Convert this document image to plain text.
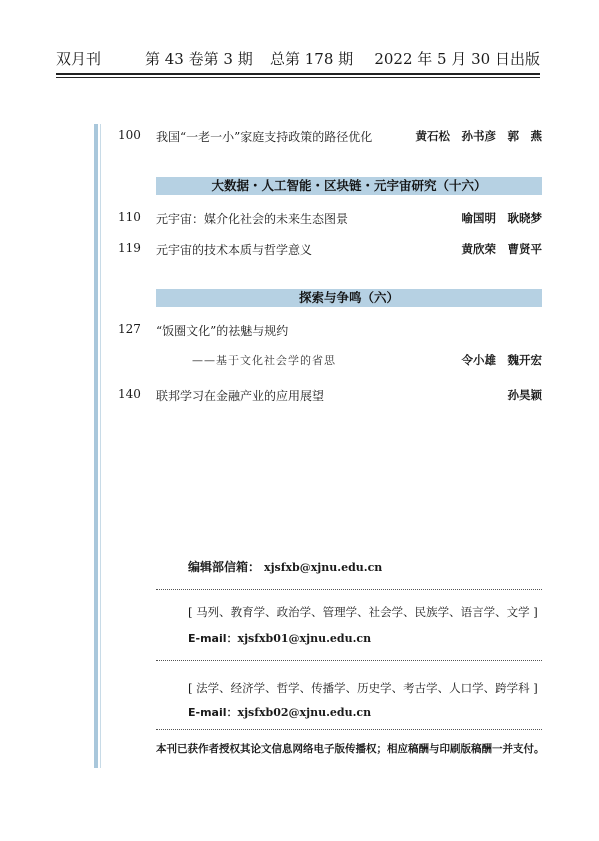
双月刊	第 43 卷第 3 期 总第 178 期 2022 年 5 月 30 日出版
100 我国“一老一小”家庭支持政策的路径优化	黄石松　孙书彦　郭　燕
大数据・人工智能・区块链・元宇宙研究（十六）
110 元宇宙：媒介化社会的未来生态图景	喻国明　耿晓梦
119 元宇宙的技术本质与哲学意义	黄欣荣　曹贤平
探索与争鸣（六）
127 “饭圈文化”的祛魅与规约
——基于文化社会学的省思	令小雄　魏开宏
140 联邦学习在金融产业的应用展望	孙昊颖
编辑部信箱： xjsfxb@xjnu.edu.cn
[ 马列、教育学、政治学、管理学、社会学、民族学、语言学、文学 ]
E-mail：xjsfxb01@xjnu.edu.cn
[ 法学、经济学、哲学、传播学、历史学、考古学、人口学、跨学科 ]
E-mail：xjsfxb02@xjnu.edu.cn
本刊已获作者授权其论文信息网络电子版传播权；相应稿酬与印刷版稿酬一并支付。
